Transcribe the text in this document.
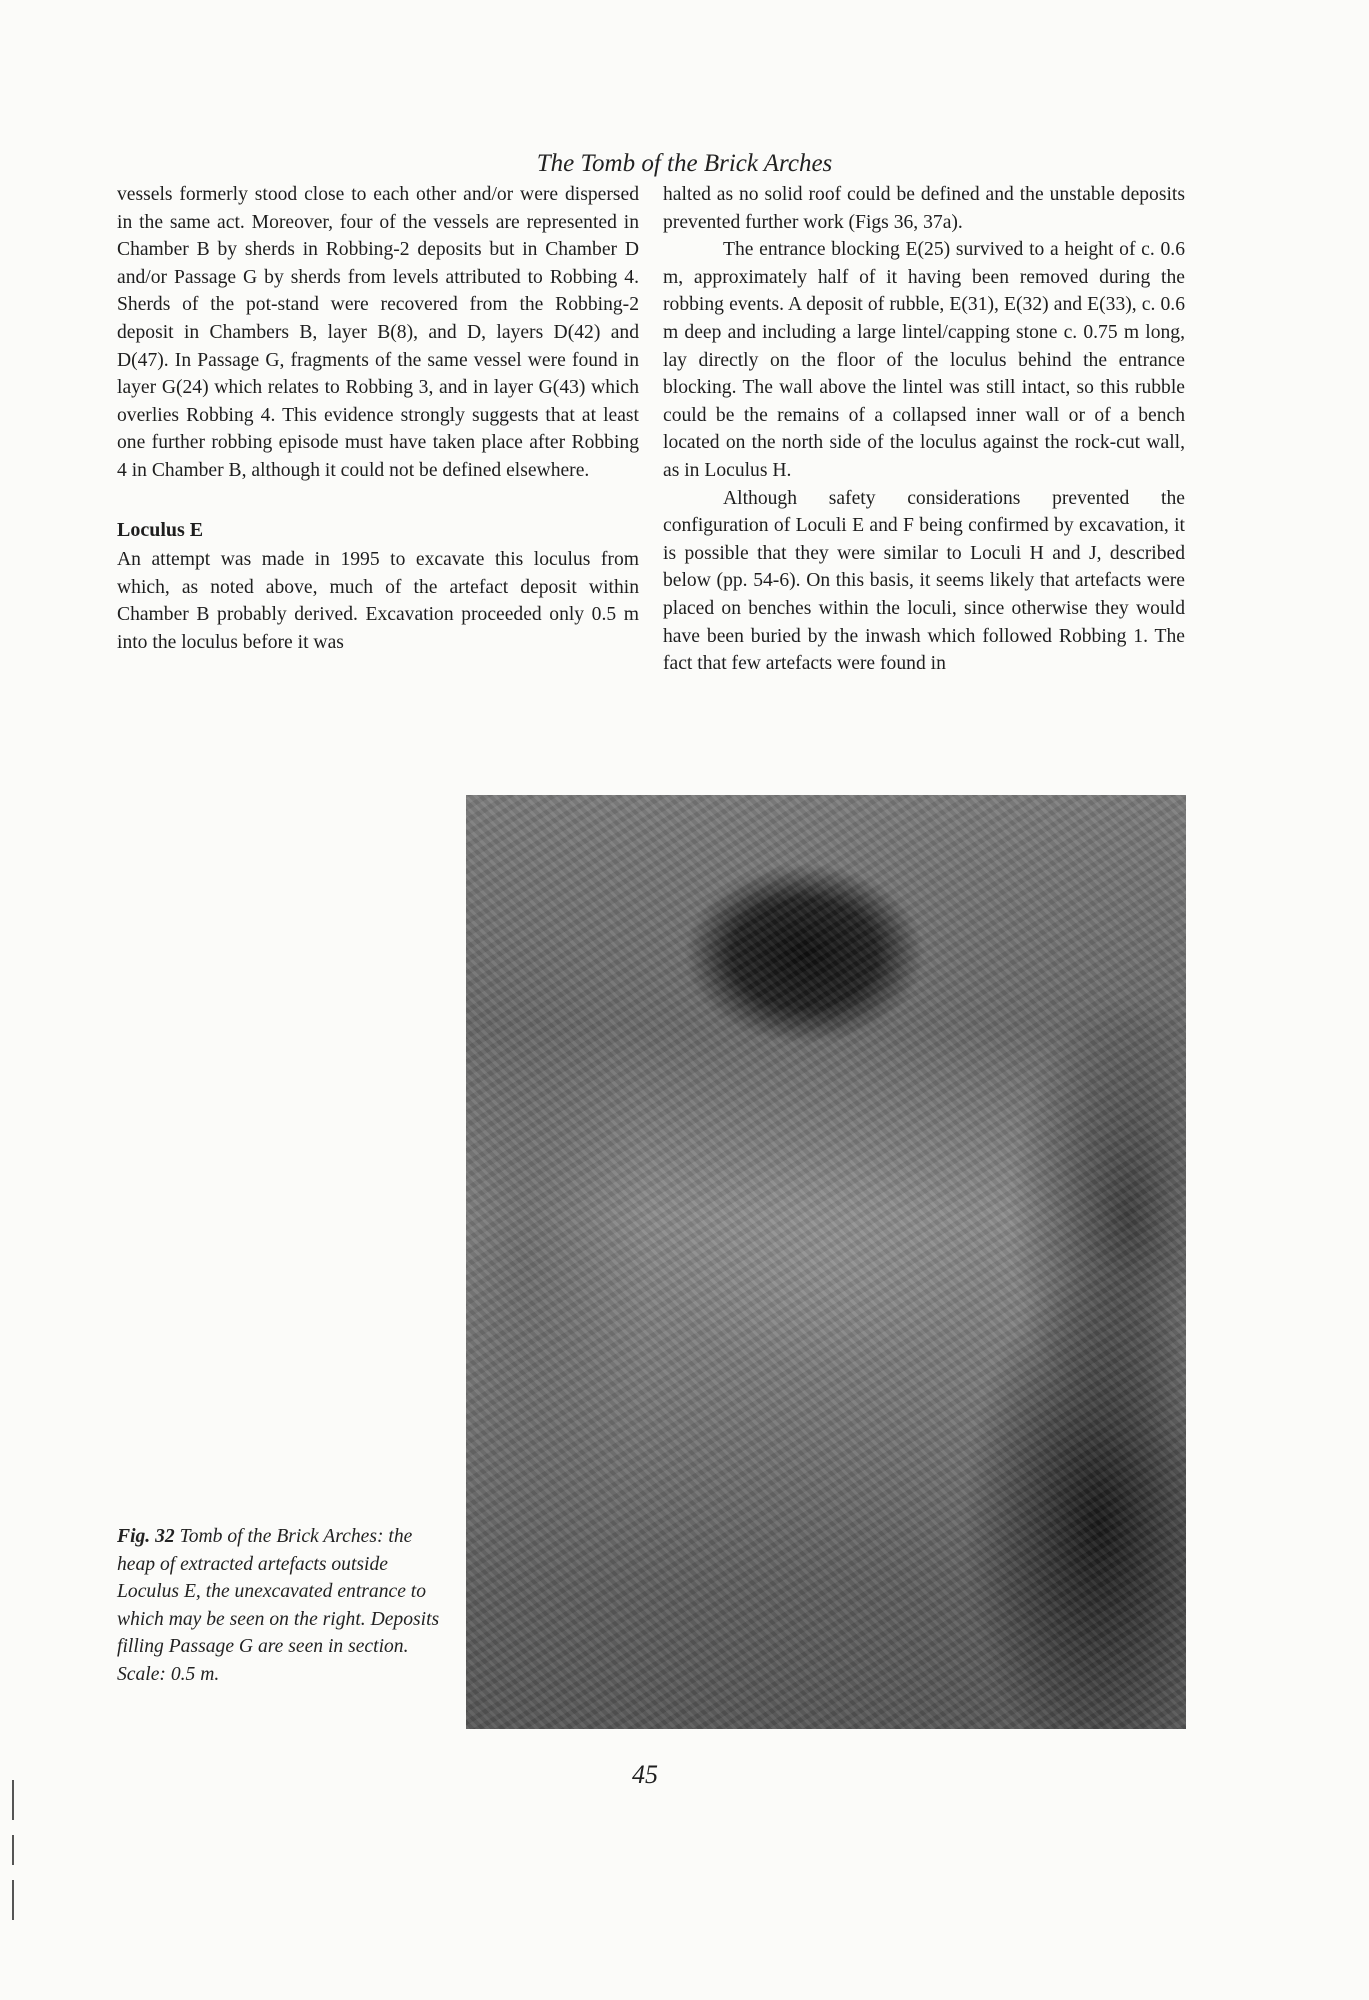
The Tomb of the Brick Arches

vessels formerly stood close to each other and/or were dispersed in the same act. Moreover, four of the vessels are represented in Chamber B by sherds in Robbing-2 deposits but in Chamber D and/or Passage G by sherds from levels attributed to Robbing 4. Sherds of the pot-stand were recovered from the Robbing-2 deposit in Chambers B, layer B(8), and D, layers D(42) and D(47). In Passage G, fragments of the same vessel were found in layer G(24) which relates to Robbing 3, and in layer G(43) which overlies Robbing 4. This evidence strongly suggests that at least one further robbing episode must have taken place after Robbing 4 in Chamber B, although it could not be defined elsewhere.

Loculus E

An attempt was made in 1995 to excavate this loculus from which, as noted above, much of the artefact deposit within Chamber B probably derived. Excavation proceeded only 0.5 m into the loculus before it was

halted as no solid roof could be defined and the unstable deposits prevented further work (Figs 36, 37a).

The entrance blocking E(25) survived to a height of c. 0.6 m, approximately half of it having been removed during the robbing events. A deposit of rubble, E(31), E(32) and E(33), c. 0.6 m deep and including a large lintel/capping stone c. 0.75 m long, lay directly on the floor of the loculus behind the entrance blocking. The wall above the lintel was still intact, so this rubble could be the remains of a collapsed inner wall or of a bench located on the north side of the loculus against the rock-cut wall, as in Loculus H.

Although safety considerations prevented the configuration of Loculi E and F being confirmed by excavation, it is possible that they were similar to Loculi H and J, described below (pp. 54-6). On this basis, it seems likely that artefacts were placed on benches within the loculi, since otherwise they would have been buried by the inwash which followed Robbing 1. The fact that few artefacts were found in

Fig. 32 Tomb of the Brick Arches: the heap of extracted artefacts outside Loculus E, the unexcavated entrance to which may be seen on the right. Deposits filling Passage G are seen in section. Scale: 0.5 m.
45
